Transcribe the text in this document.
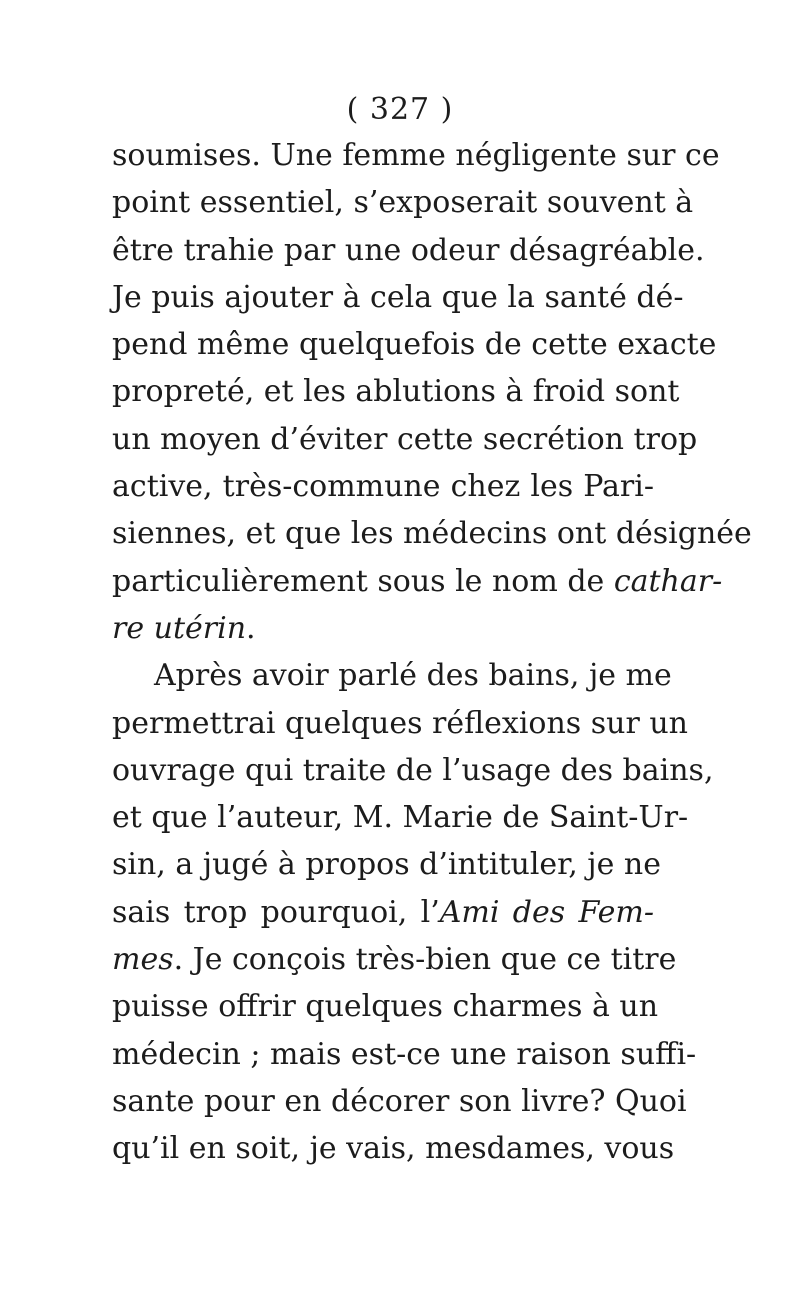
( 327 )
soumises. Une femme négligente sur ce
point essentiel, s’exposerait souvent à
être trahie par une odeur désagréable.
Je puis ajouter à cela que la santé dé-
pend même quelquefois de cette exacte
propreté, et les ablutions à froid sont
un moyen d’éviter cette secrétion trop
active, très-commune chez les Pari-
siennes, et que les médecins ont désignée
particulièrement sous le nom de cathar-
re utérin.
Après avoir parlé des bains, je me
permettrai quelques réflexions sur un
ouvrage qui traite de l’usage des bains,
et que l’auteur, M. Marie de Saint-Ur-
sin, a jugé à propos d’intituler, je ne
sais trop pourquoi, l’Ami des Fem-
mes. Je conçois très-bien que ce titre
puisse offrir quelques charmes à un
médecin ; mais est-ce une raison suffi-
sante pour en décorer son livre? Quoi
qu’il en soit, je vais, mesdames, vous
